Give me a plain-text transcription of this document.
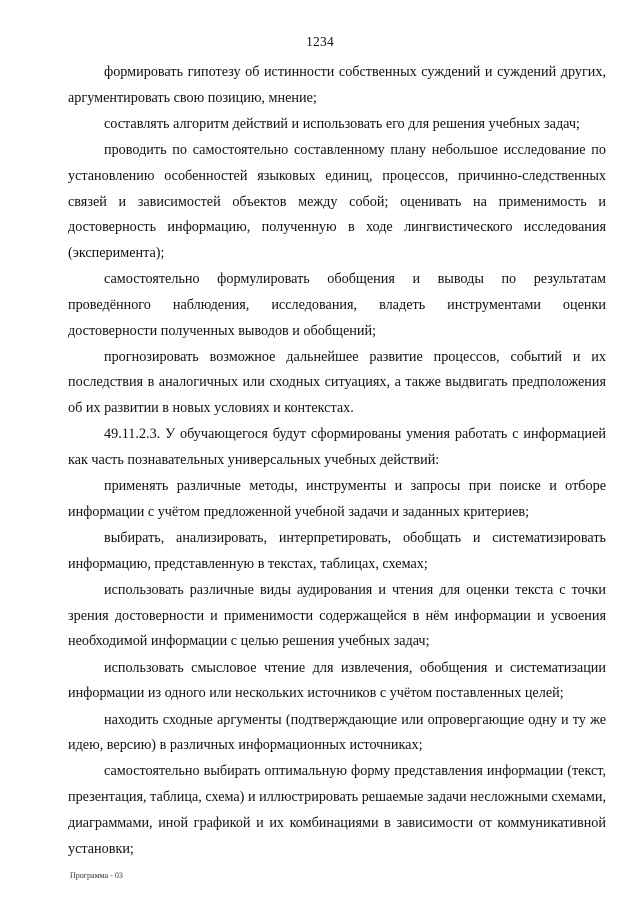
1234

формировать гипотезу об истинности собственных суждений и суждений других, аргументировать свою позицию, мнение;

составлять алгоритм действий и использовать его для решения учебных задач;

проводить по самостоятельно составленному плану небольшое исследование по установлению особенностей языковых единиц, процессов, причинно-следственных связей и зависимостей объектов между собой; оценивать на применимость и достоверность информацию, полученную в ходе лингвистического исследования (эксперимента);

самостоятельно формулировать обобщения и выводы по результатам проведённого наблюдения, исследования, владеть инструментами оценки достоверности полученных выводов и обобщений;

прогнозировать возможное дальнейшее развитие процессов, событий и их последствия в аналогичных или сходных ситуациях, а также выдвигать предположения об их развитии в новых условиях и контекстах.

49.11.2.3. У обучающегося будут сформированы умения работать с информацией как часть познавательных универсальных учебных действий:

применять различные методы, инструменты и запросы при поиске и отборе информации с учётом предложенной учебной задачи и заданных критериев;

выбирать, анализировать, интерпретировать, обобщать и систематизировать информацию, представленную в текстах, таблицах, схемах;

использовать различные виды аудирования и чтения для оценки текста с точки зрения достоверности и применимости содержащейся в нём информации и усвоения необходимой информации с целью решения учебных задач;

использовать смысловое чтение для извлечения, обобщения и систематизации информации из одного или нескольких источников с учётом поставленных целей;

находить сходные аргументы (подтверждающие или опровергающие одну и ту же идею, версию) в различных информационных источниках;

самостоятельно выбирать оптимальную форму представления информации (текст, презентация, таблица, схема) и иллюстрировать решаемые задачи несложными схемами, диаграммами, иной графикой и их комбинациями в зависимости от коммуникативной установки;

Программа - 03
